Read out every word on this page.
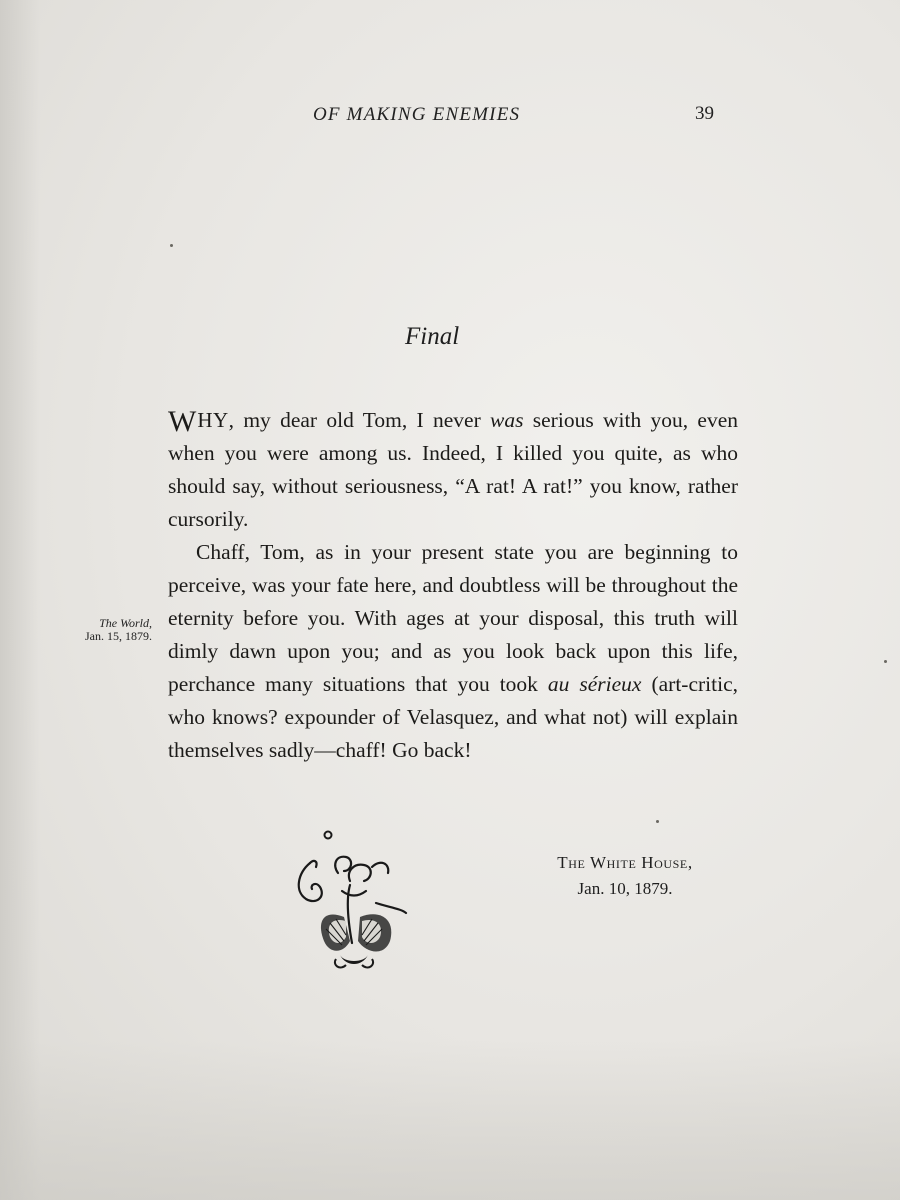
OF MAKING ENEMIES	39
Final
The World,
Jan. 15, 1879.

WHY, my dear old Tom, I never was serious with you, even when you were among us. Indeed, I killed you quite, as who should say, without seriousness, “A rat! A rat!” you know, rather cursorily.

Chaff, Tom, as in your present state you are beginning to perceive, was your fate here, and doubtless will be throughout the eternity before you. With ages at your disposal, this truth will dimly dawn upon you; and as you look back upon this life, perchance many situations that you took au sérieux (art-critic, who knows? expounder of Velasquez, and what not) will explain themselves sadly—chaff! Go back!

The White House,
Jan. 10, 1879.
